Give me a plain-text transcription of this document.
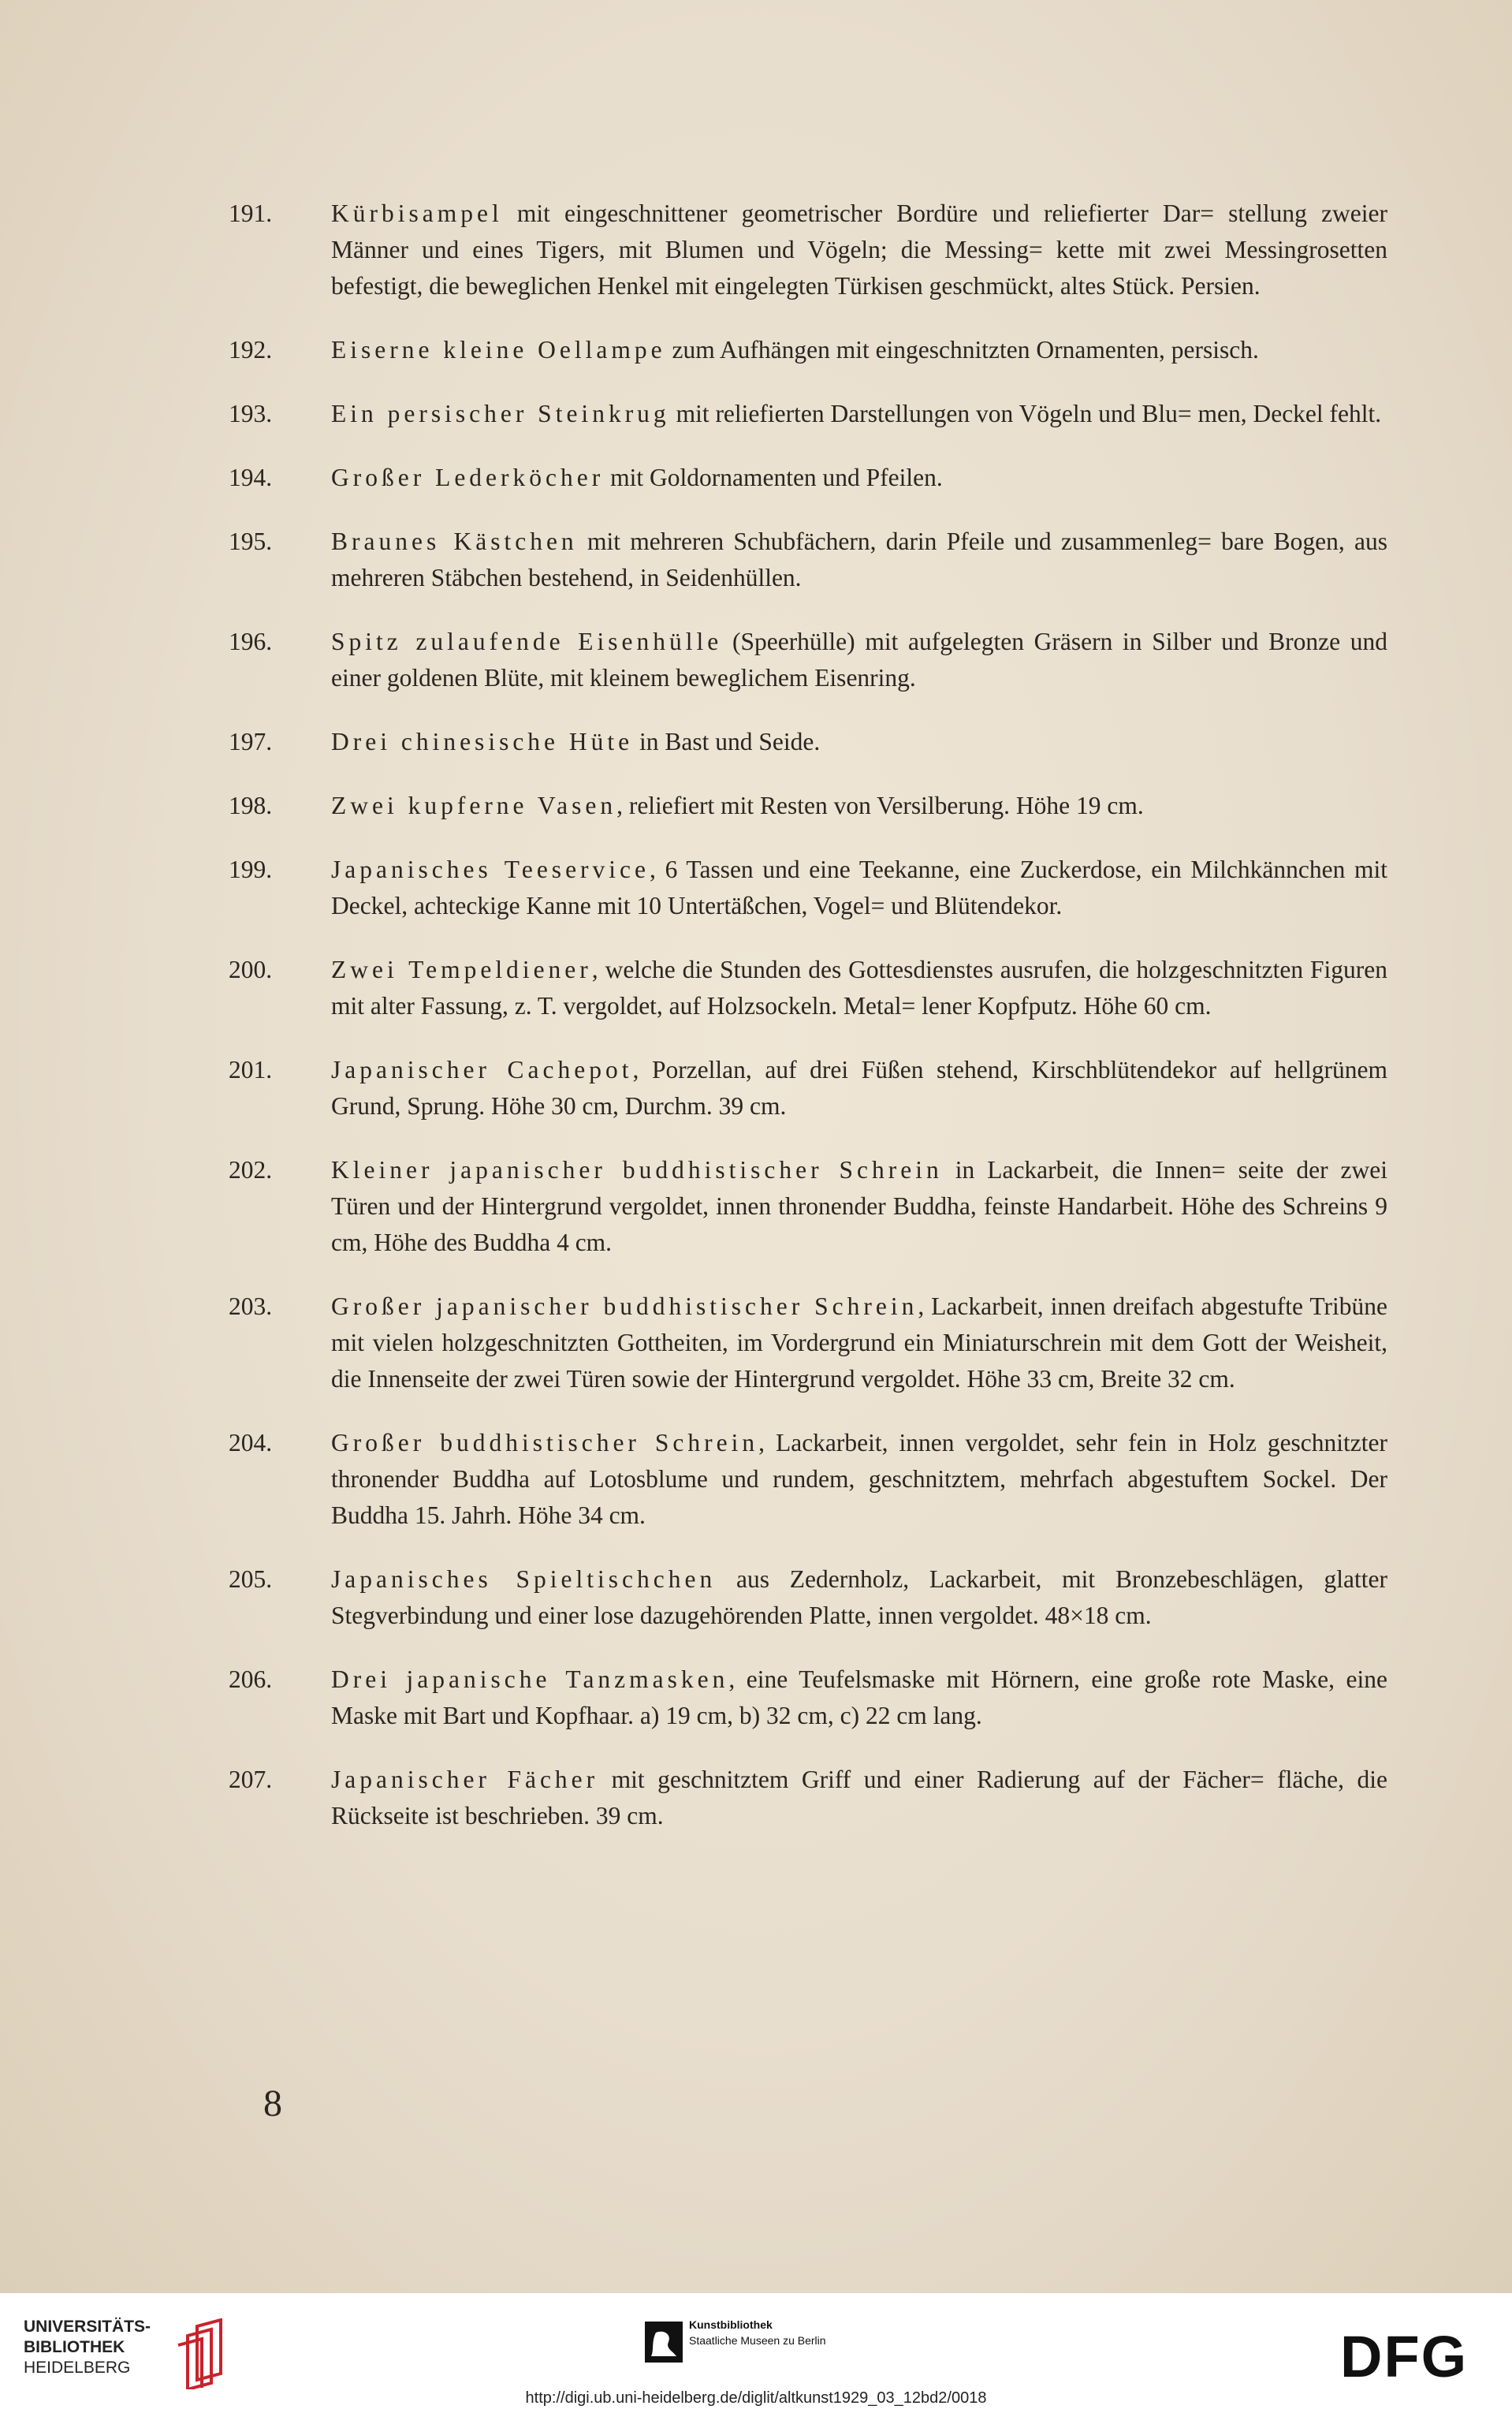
191.	Kürbisampel mit eingeschnittener geometrischer Bordüre und reliefierter Dar= stellung zweier Männer und eines Tigers, mit Blumen und Vögeln; die Messing= kette mit zwei Messingrosetten befestigt, die beweglichen Henkel mit eingelegten Türkisen geschmückt, altes Stück. Persien.
192.	Eiserne kleine Oellampe zum Aufhängen mit eingeschnitzten Ornamenten, persisch.
193.	Ein persischer Steinkrug mit reliefierten Darstellungen von Vögeln und Blu= men, Deckel fehlt.
194.	Großer Lederköcher mit Goldornamenten und Pfeilen.
195.	Braunes Kästchen mit mehreren Schubfächern, darin Pfeile und zusammenleg= bare Bogen, aus mehreren Stäbchen bestehend, in Seidenhüllen.
196.	Spitz zulaufende Eisenhülle (Speerhülle) mit aufgelegten Gräsern in Silber und Bronze und einer goldenen Blüte, mit kleinem beweglichem Eisenring.
197.	Drei chinesische Hüte in Bast und Seide.
198.	Zwei kupferne Vasen, reliefiert mit Resten von Versilberung. Höhe 19 cm.
199.	Japanisches Teeservice, 6 Tassen und eine Teekanne, eine Zuckerdose, ein Milchkännchen mit Deckel, achteckige Kanne mit 10 Untertäßchen, Vogel= und Blütendekor.
200.	Zwei Tempeldiener, welche die Stunden des Gottesdienstes ausrufen, die holzgeschnitzten Figuren mit alter Fassung, z. T. vergoldet, auf Holzsockeln. Metal= lener Kopfputz. Höhe 60 cm.
201.	Japanischer Cachepot, Porzellan, auf drei Füßen stehend, Kirschblütendekor auf hellgrünem Grund, Sprung. Höhe 30 cm, Durchm. 39 cm.
202.	Kleiner japanischer buddhistischer Schrein in Lackarbeit, die Innen= seite der zwei Türen und der Hintergrund vergoldet, innen thronender Buddha, feinste Handarbeit. Höhe des Schreins 9 cm, Höhe des Buddha 4 cm.
203.	Großer japanischer buddhistischer Schrein, Lackarbeit, innen dreifach abgestufte Tribüne mit vielen holzgeschnitzten Gottheiten, im Vordergrund ein Miniaturschrein mit dem Gott der Weisheit, die Innenseite der zwei Türen sowie der Hintergrund vergoldet. Höhe 33 cm, Breite 32 cm.
204.	Großer buddhistischer Schrein, Lackarbeit, innen vergoldet, sehr fein in Holz geschnitzter thronender Buddha auf Lotosblume und rundem, geschnitztem, mehrfach abgestuftem Sockel. Der Buddha 15. Jahrh. Höhe 34 cm.
205.	Japanisches Spieltischchen aus Zedernholz, Lackarbeit, mit Bronzebeschlägen, glatter Stegverbindung und einer lose dazugehörenden Platte, innen vergoldet. 48×18 cm.
206.	Drei japanische Tanzmasken, eine Teufelsmaske mit Hörnern, eine große rote Maske, eine Maske mit Bart und Kopfhaar. a) 19 cm, b) 32 cm, c) 22 cm lang.
207.	Japanischer Fächer mit geschnitztem Griff und einer Radierung auf der Fächer= fläche, die Rückseite ist beschrieben. 39 cm.
8
UNIVERSITÄTS-
BIBLIOTHEK
HEIDELBERG
Kunstbibliothek
Staatliche Museen zu Berlin	DFG
http://digi.ub.uni-heidelberg.de/diglit/altkunst1929_03_12bd2/0018
